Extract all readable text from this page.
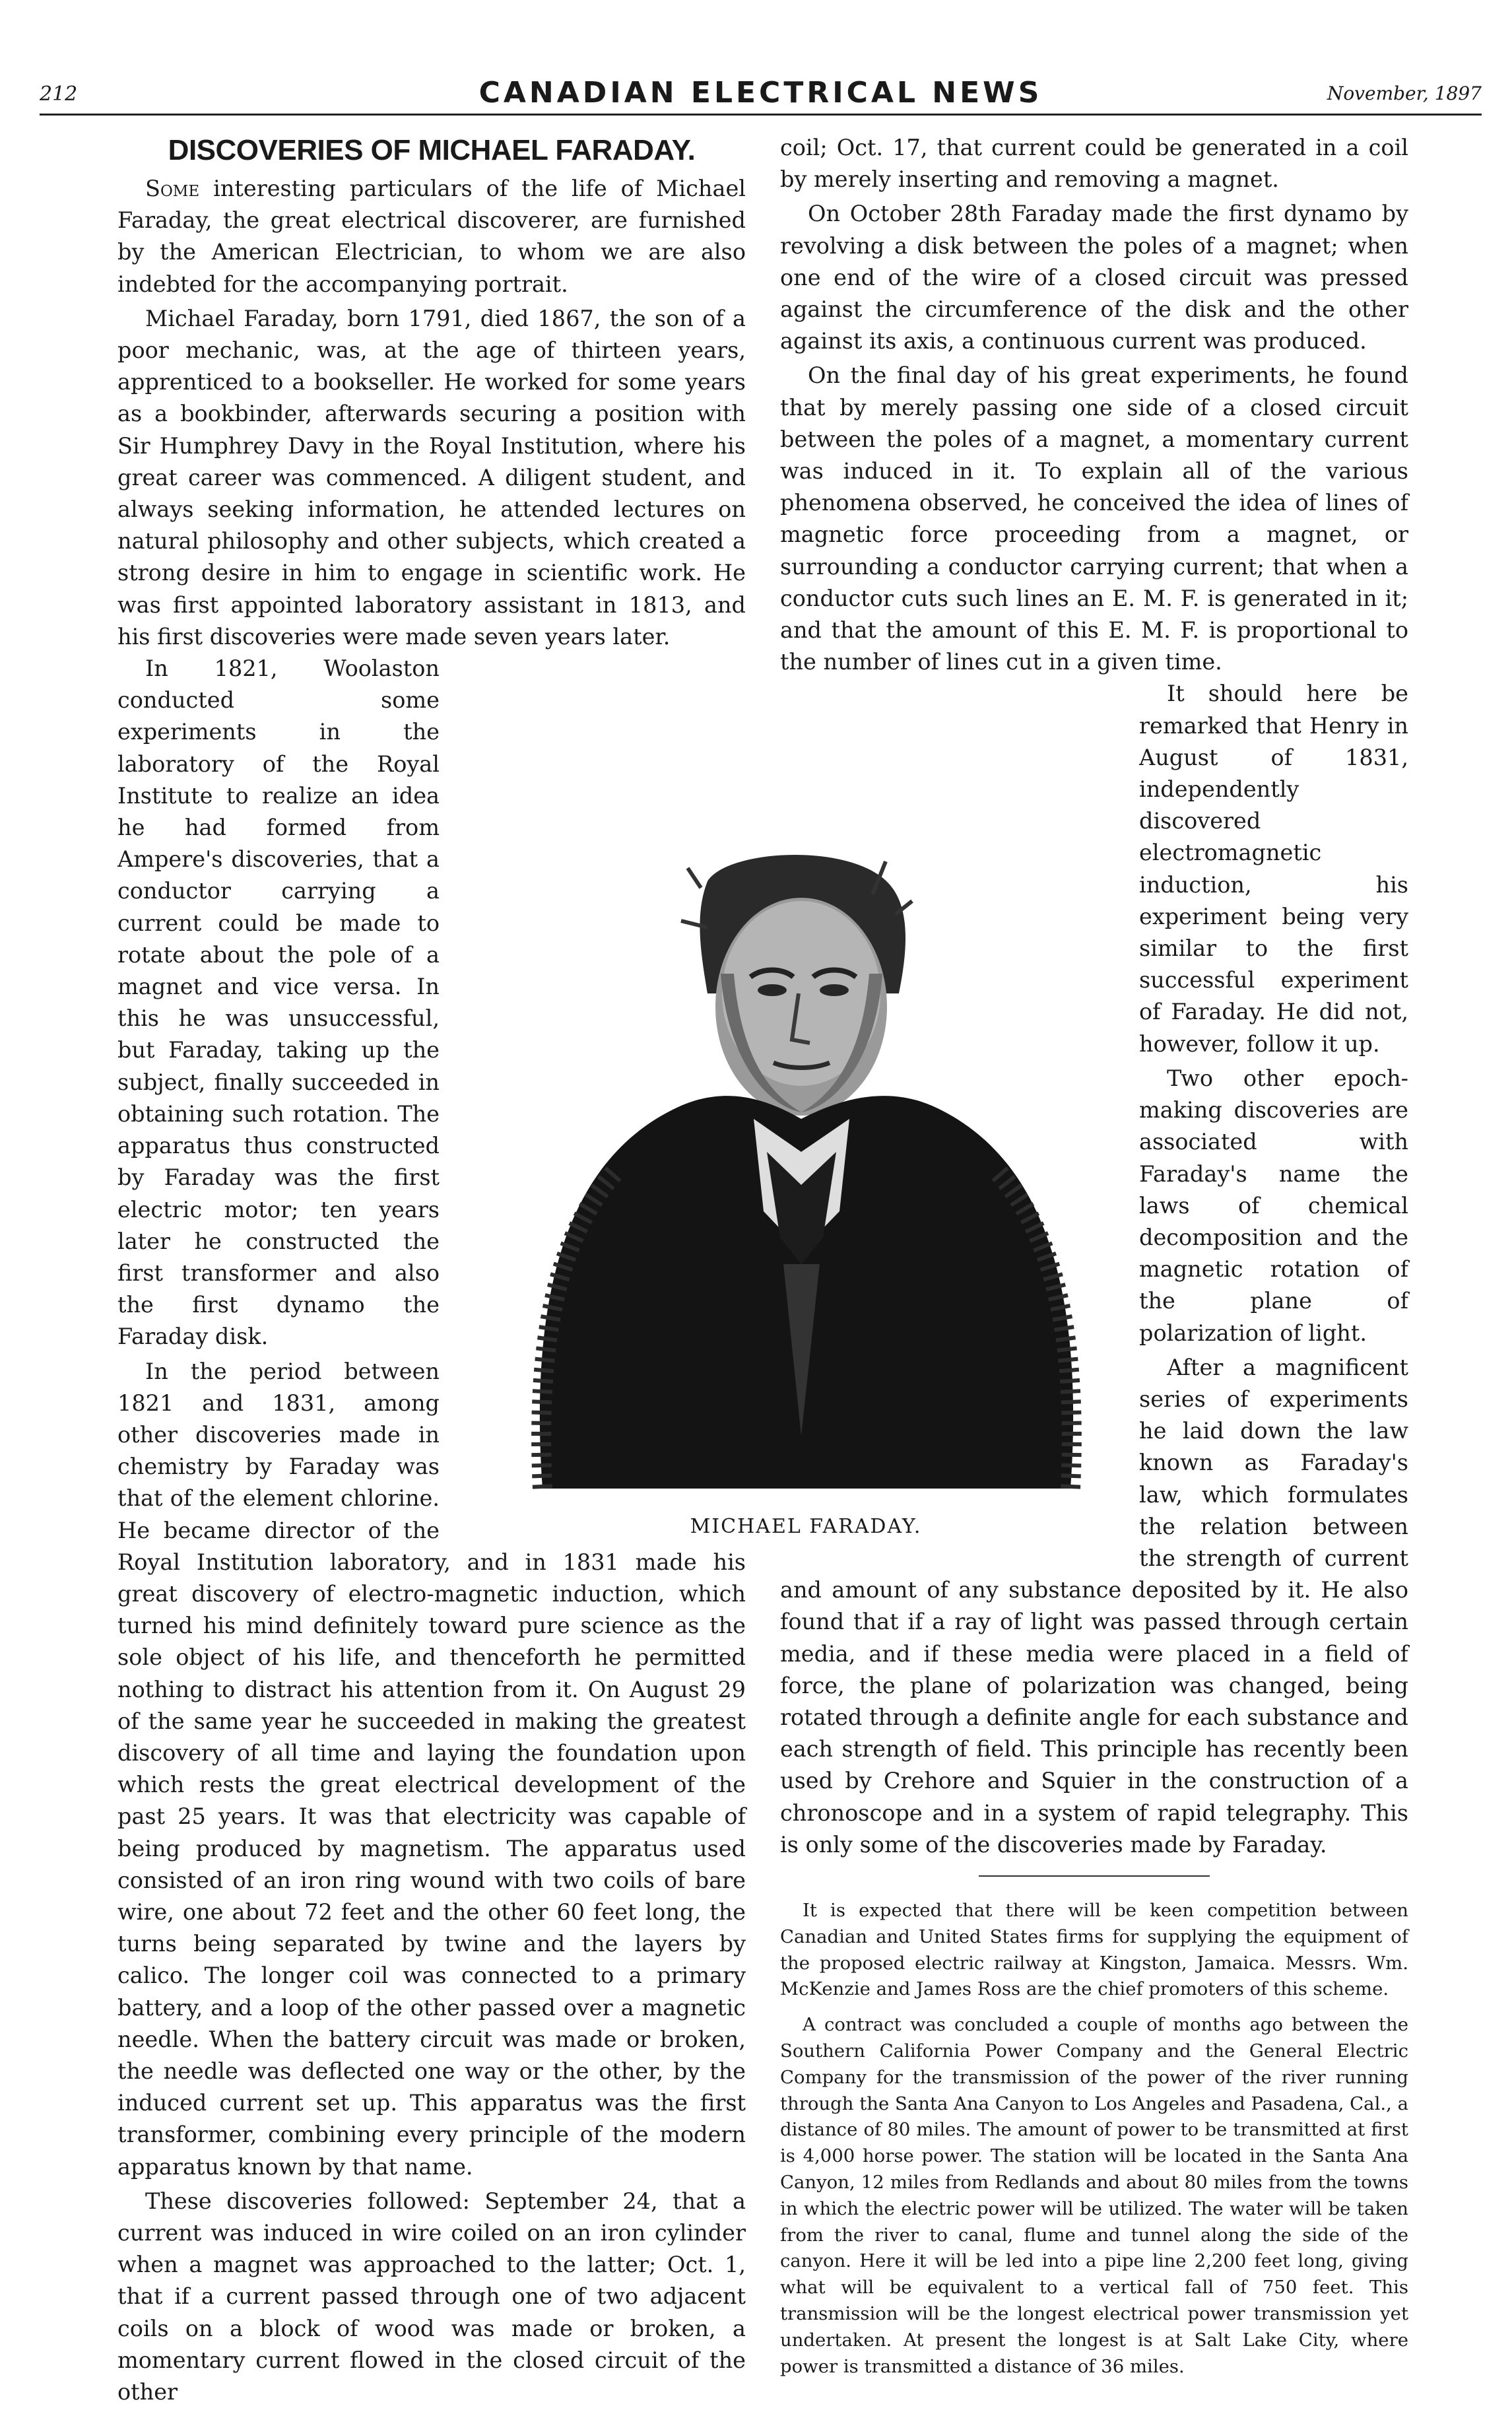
212	CANADIAN ELECTRICAL NEWS	November, 1897
MICHAEL FARADAY.
DISCOVERIES OF MICHAEL FARADAY.

Some interesting particulars of the life of Michael Faraday, the great electrical discoverer, are furnished by the American Electrician, to whom we are also indebted for the accompanying portrait.

Michael Faraday, born 1791, died 1867, the son of a poor mechanic, was, at the age of thirteen years, apprenticed to a bookseller. He worked for some years as a bookbinder, afterwards securing a position with Sir Humphrey Davy in the Royal Institution, where his great career was commenced. A diligent student, and always seeking information, he attended lectures on natural philosophy and other subjects, which created a strong desire in him to engage in scientific work. He was first appointed laboratory assistant in 1813, and his first discoveries were made seven years later.

In 1821, Woolaston conducted some experiments in the laboratory of the Royal Institute to realize an idea he had formed from Ampere's discoveries, that a conductor carrying a current could be made to rotate about the pole of a magnet and vice versa. In this he was unsuccessful, but Faraday, taking up the subject, finally succeeded in obtaining such rotation. The apparatus thus constructed by Faraday was the first electric motor; ten years later he constructed the first transformer and also the first dynamo the Faraday disk.

In the period between 1821 and 1831, among other discoveries made in chemistry by Faraday was that of the element chlorine. He became director of the Royal Institution laboratory, and in 1831 made his great discovery of electro-magnetic induction, which turned his mind definitely toward pure science as the sole object of his life, and thenceforth he permitted nothing to distract his attention from it. On August 29 of the same year he succeeded in making the greatest discovery of all time and laying the foundation upon which rests the great electrical development of the past 25 years. It was that electricity was capable of being produced by magnetism. The apparatus used consisted of an iron ring wound with two coils of bare wire, one about 72 feet and the other 60 feet long, the turns being separated by twine and the layers by calico. The longer coil was connected to a primary battery, and a loop of the other passed over a magnetic needle. When the battery circuit was made or broken, the needle was deflected one way or the other, by the induced current set up. This apparatus was the first transformer, combining every principle of the modern apparatus known by that name.

These discoveries followed: September 24, that a current was induced in wire coiled on an iron cylinder when a magnet was approached to the latter; Oct. 1, that if a current passed through one of two adjacent coils on a block of wood was made or broken, a momentary current flowed in the closed circuit of the other

coil; Oct. 17, that current could be generated in a coil by merely inserting and removing a magnet.

On October 28th Faraday made the first dynamo by revolving a disk between the poles of a magnet; when one end of the wire of a closed circuit was pressed against the circumference of the disk and the other against its axis, a continuous current was produced.

On the final day of his great experiments, he found that by merely passing one side of a closed circuit between the poles of a magnet, a momentary current was induced in it. To explain all of the various phenomena observed, he conceived the idea of lines of magnetic force proceeding from a magnet, or surrounding a conductor carrying current; that when a conductor cuts such lines an E. M. F. is generated in it; and that the amount of this E. M. F. is proportional to the number of lines cut in a given time.

It should here be remarked that Henry in August of 1831, independently discovered electromagnetic induction, his experiment being very similar to the first successful experiment of Faraday. He did not, however, follow it up.

Two other epoch-making discoveries are associated with Faraday's name the laws of chemical decomposition and the magnetic rotation of the plane of polarization of light.

After a magnificent series of experiments he laid down the law known as Faraday's law, which formulates the relation between the strength of current and amount of any substance deposited by it. He also found that if a ray of light was passed through certain media, and if these media were placed in a field of force, the plane of polarization was changed, being rotated through a definite angle for each substance and each strength of field. This principle has recently been used by Crehore and Squier in the construction of a chronoscope and in a system of rapid telegraphy. This is only some of the discoveries made by Faraday.

It is expected that there will be keen competition between Canadian and United States firms for supplying the equipment of the proposed electric railway at Kingston, Jamaica. Messrs. Wm. McKenzie and James Ross are the chief promoters of this scheme.

A contract was concluded a couple of months ago between the Southern California Power Company and the General Electric Company for the transmission of the power of the river running through the Santa Ana Canyon to Los Angeles and Pasadena, Cal., a distance of 80 miles. The amount of power to be transmitted at first is 4,000 horse power. The station will be located in the Santa Ana Canyon, 12 miles from Redlands and about 80 miles from the towns in which the electric power will be utilized. The water will be taken from the river to canal, flume and tunnel along the side of the canyon. Here it will be led into a pipe line 2,200 feet long, giving what will be equivalent to a vertical fall of 750 feet. This transmission will be the longest electrical power transmission yet undertaken. At present the longest is at Salt Lake City, where power is transmitted a distance of 36 miles.
